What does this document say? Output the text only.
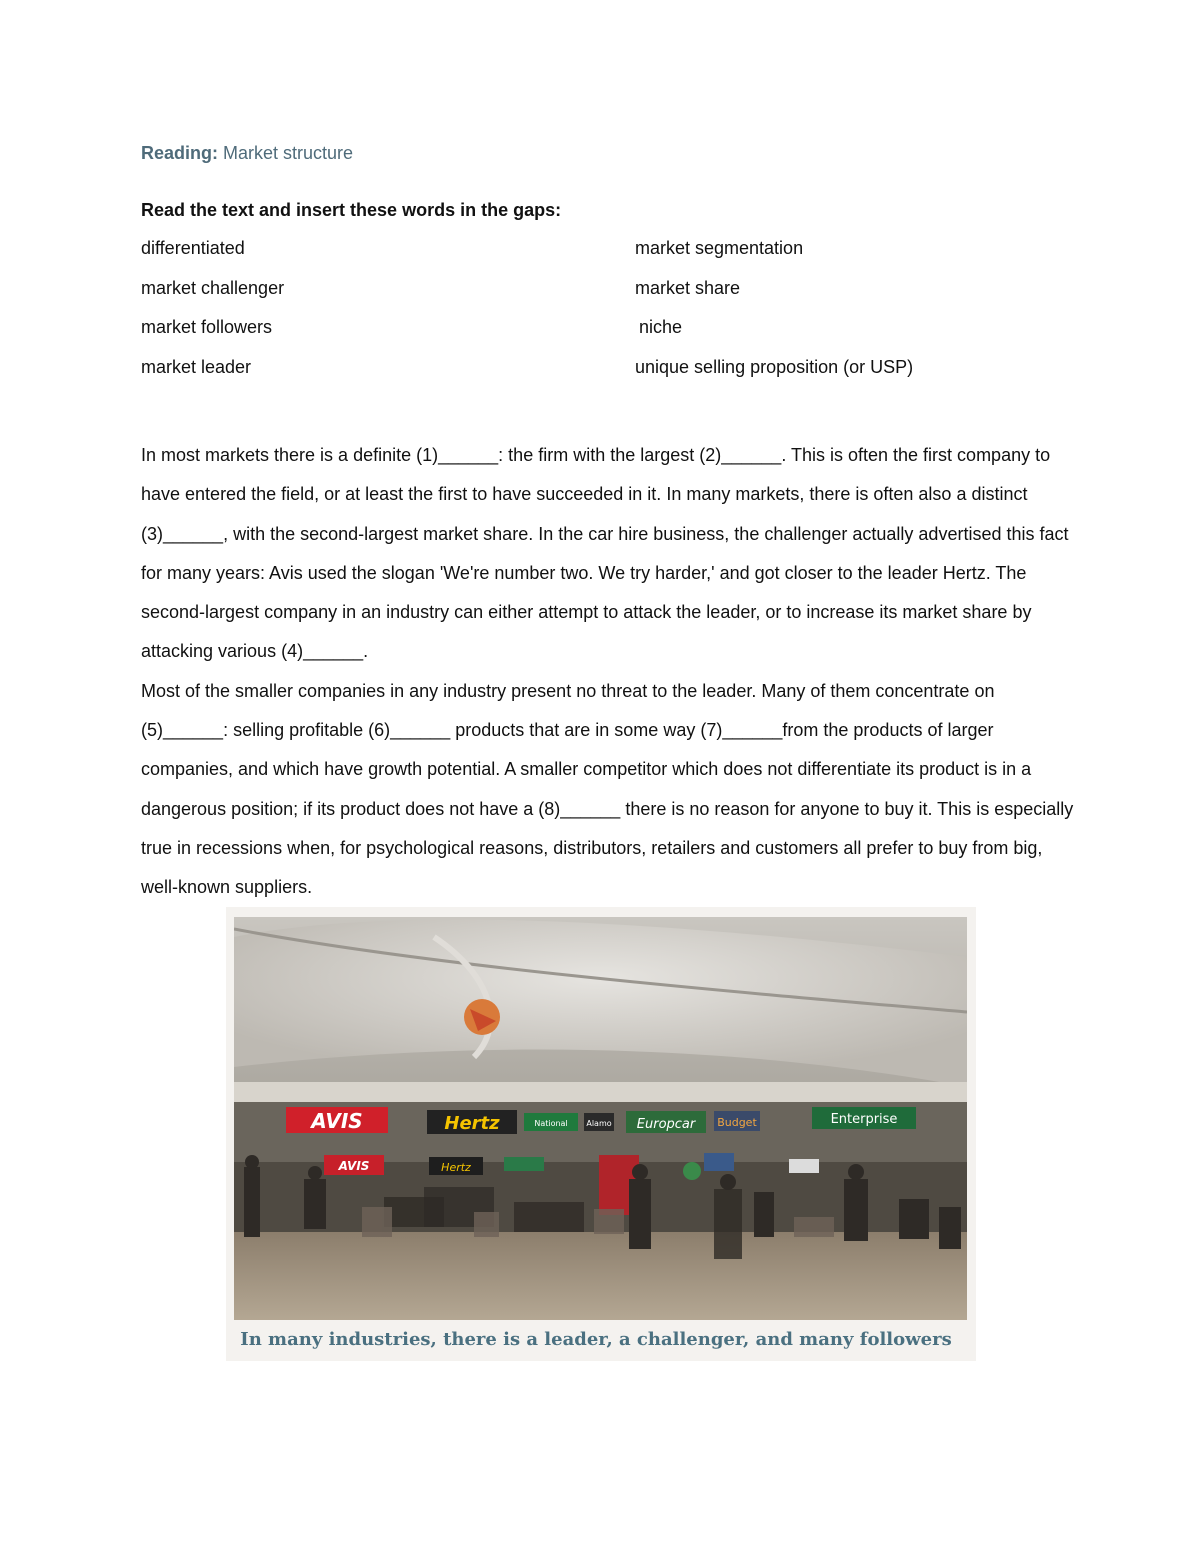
Reading: Market structure
Read the text and insert these words in the gaps:
differentiated	market segmentation
market challenger	market share
market followers	niche
market leader	unique selling proposition (or USP)

In most markets there is a definite (1)______: the firm with the largest (2)______. This is often the first company to have entered the field, or at least the first to have succeeded in it. In many markets, there is often also a distinct (3)______, with the second-largest market share. In the car hire business, the challenger actually advertised this fact for many years: Avis used the slogan 'We're number two. We try harder,' and got closer to the leader Hertz. The second-largest company in an industry can either attempt to attack the leader, or to increase its market share by attacking various (4)______.

Most of the smaller companies in any industry present no threat to the leader. Many of them concentrate on (5)______: selling profitable (6)______ products that are in some way (7)______from the products of larger companies, and which have growth potential. A smaller competitor which does not differentiate its product is in a dangerous position; if its product does not have a (8)______ there is no reason for anyone to buy it. This is especially true in recessions when, for psychological reasons, distributors, retailers and customers all prefer to buy from big, well-known suppliers.

AVIS	Hertz	National Alamo Europcar Budget	Enterprise
AVIS	Hertz
In many industries, there is a leader, a challenger, and many followers
